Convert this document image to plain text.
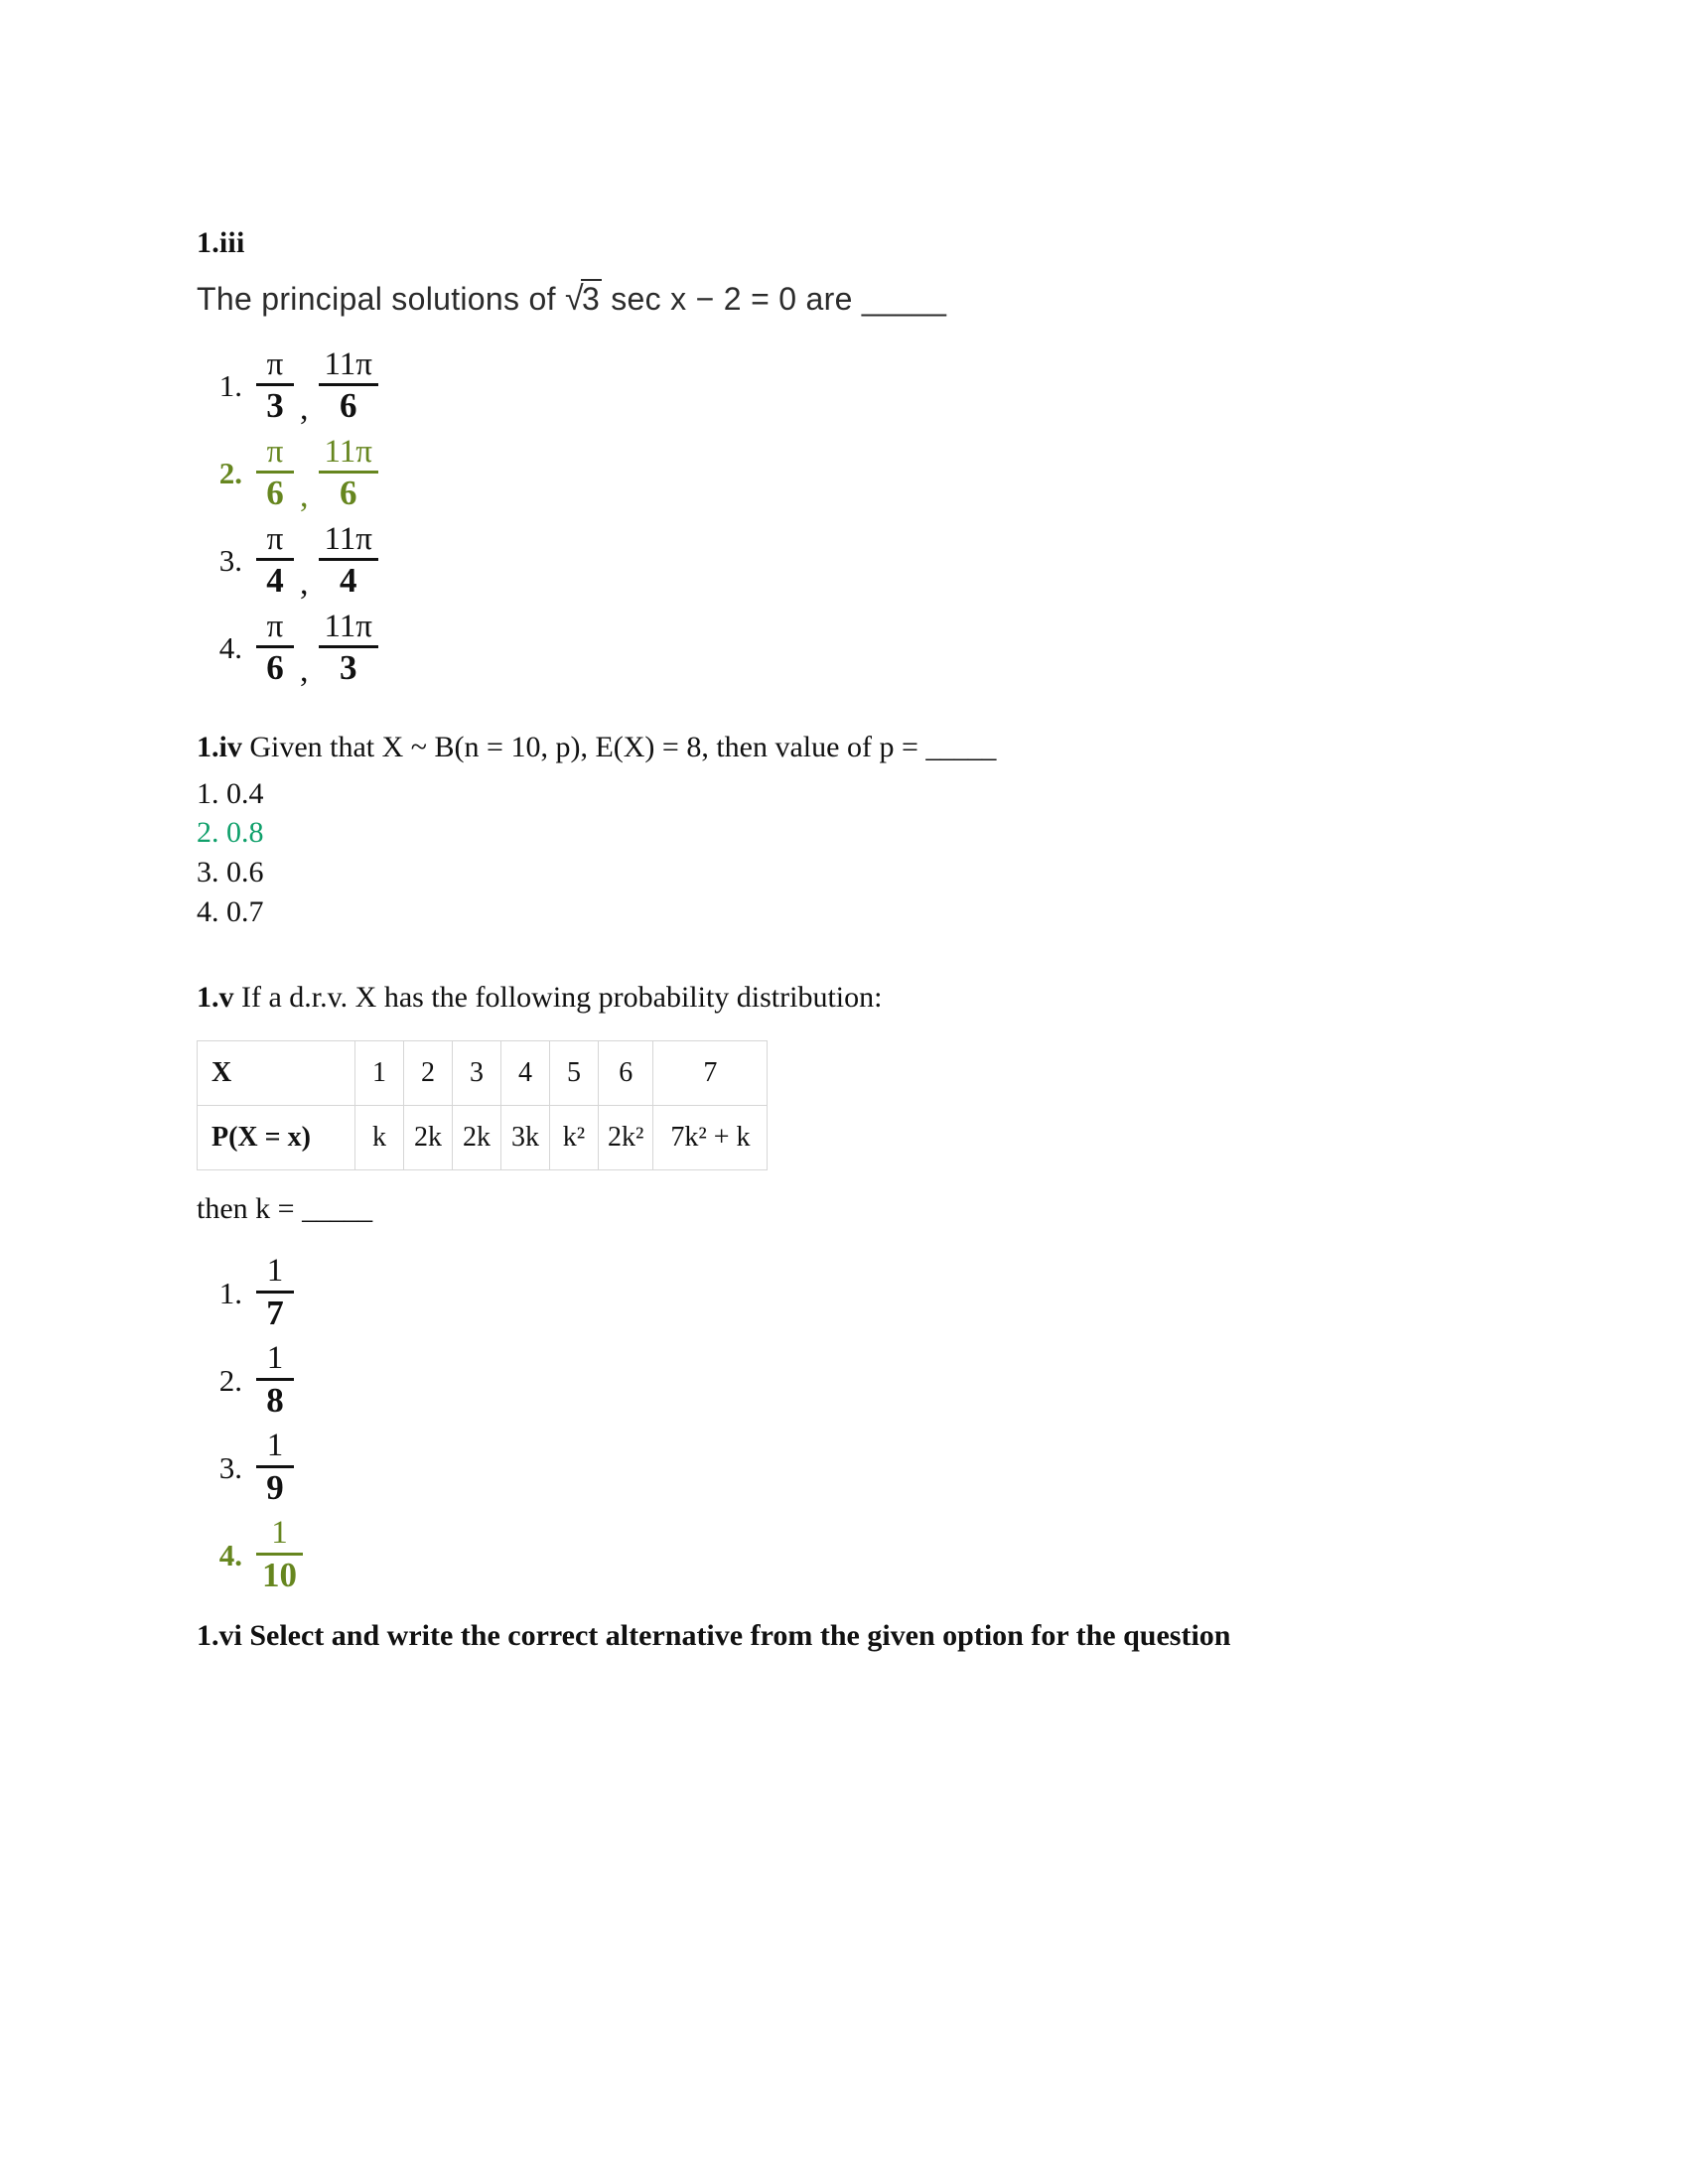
1.iii
The principal solutions of √3 sec x − 2 = 0 are _____
1. $\frac{\pi}{3}$ , $\frac{11\pi}{6}$
2. $\frac{\pi}{6}$ , $\frac{11\pi}{6}$
3. $\frac{\pi}{4}$ , $\frac{11\pi}{4}$
4. $\frac{\pi}{6}$ , $\frac{11\pi}{3}$
1.iv Given that X ~ B(n = 10, p), E(X) = 8, then value of p = _____
1. 0.4
2. 0.8
3. 0.6
4. 0.7
1.v If a d.r.v. X has the following probability distribution:
X	1	2	3	4	5	6	7
P(X = x)	k	2k	2k	3k	k²	2k²	7k² + k
then k = _____
1. $\frac{1}{7}$
2. $\frac{1}{8}$
3. $\frac{1}{9}$
4. $\frac{1}{10}$
1.vi Select and write the correct alternative from the given option for the question
